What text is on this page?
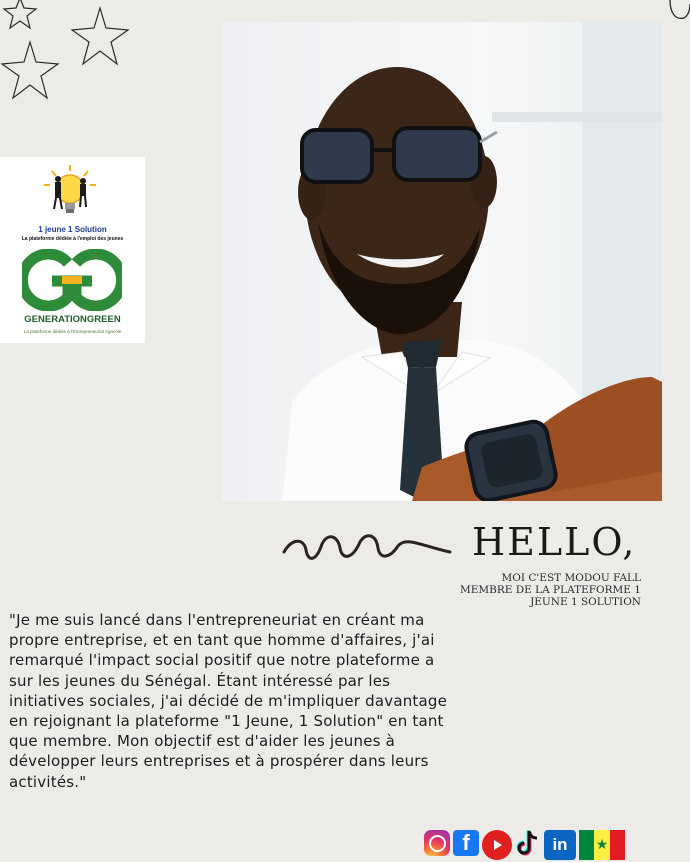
1 jeune 1 Solution
La plateforme dédiée à l'emploi des jeunes
GENERATIONGREEN
La plateforme dédiée à l'Entrepreneuriat Agricole
HELLO,
MOI C'EST MODOU FALL
MEMBRE DE LA PLATEFORME 1
JEUNE 1 SOLUTION
"Je me suis lancé dans l'entrepreneuriat en créant ma propre entreprise, et en tant que homme d'affaires, j'ai remarqué l'impact social positif que notre plateforme a sur les jeunes du Sénégal. Étant intéressé par les initiatives sociales, j'ai décidé de m'impliquer davantage en rejoignant la plateforme "1 Jeune, 1 Solution" en tant que membre. Mon objectif est d'aider les jeunes à développer leurs entreprises et à prospérer dans leurs activités."
f	in	★
